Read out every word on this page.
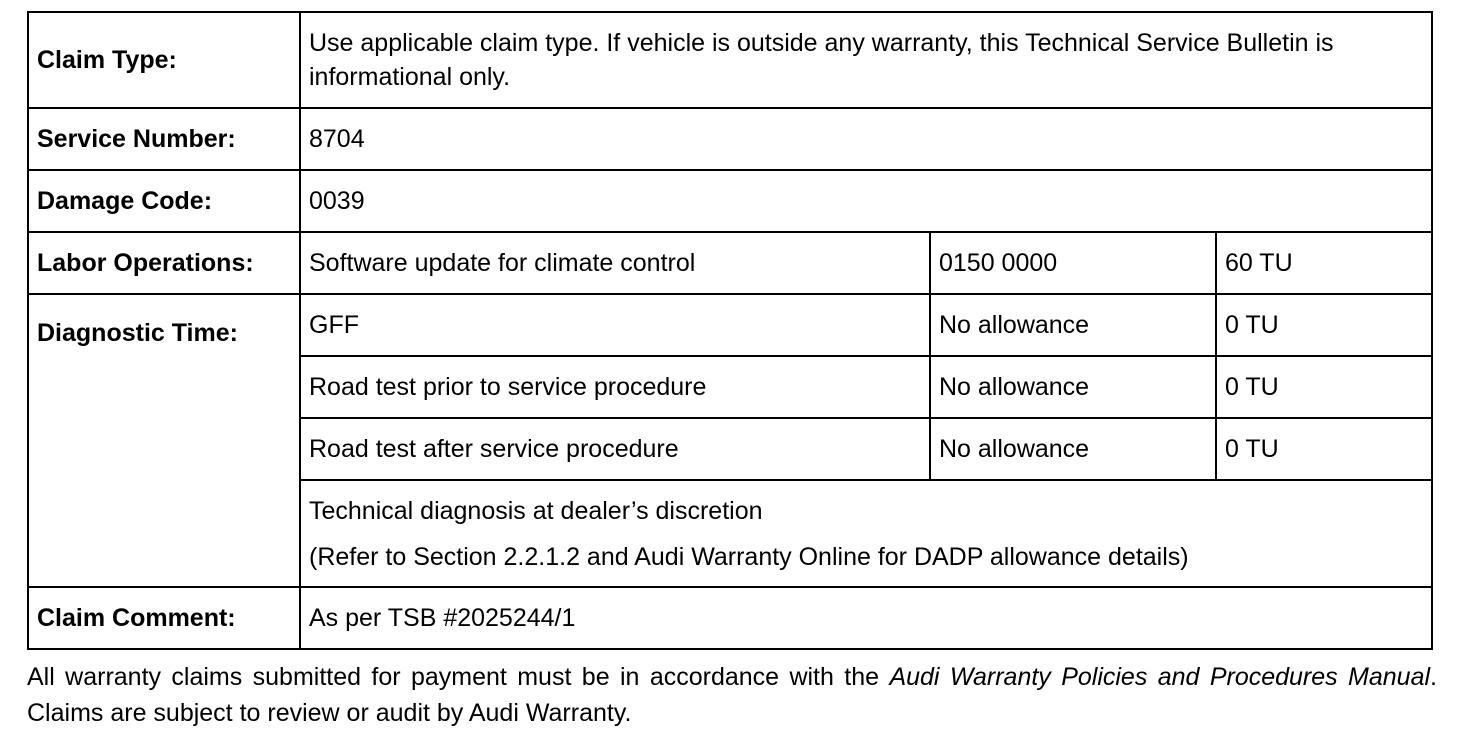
Claim Type:	Use applicable claim type. If vehicle is outside any warranty, this Technical Service Bulletin is informational only.		
Service Number:	8704		
Damage Code:	0039		
Labor Operations:	Software update for climate control	0150 0000	60 TU
Diagnostic Time:	GFF	No allowance	0 TU
	Road test prior to service procedure	No allowance	0 TU
	Road test after service procedure	No allowance	0 TU

	Technical diagnosis at dealer’s discretion
(Refer to Section 2.2.1.2 and Audi Warranty Online for DADP allowance details)		

Claim Comment:	As per TSB #2025244/1		
All warranty claims submitted for payment must be in accordance with the Audi Warranty Policies and Procedures Manual. Claims are subject to review or audit by Audi Warranty.
